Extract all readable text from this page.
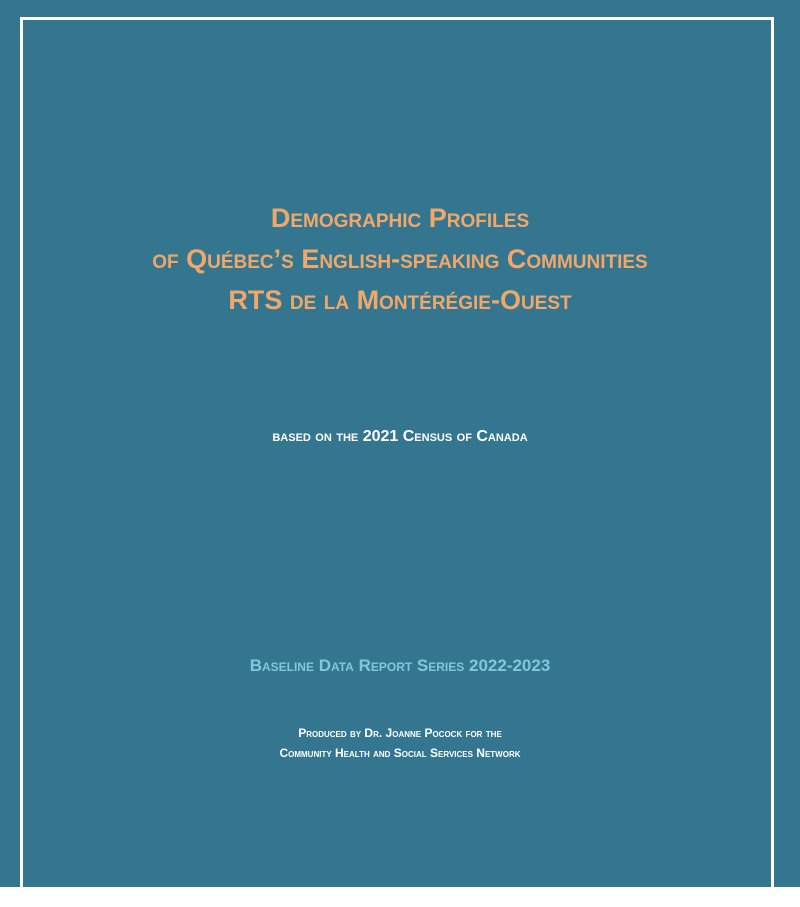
Demographic Profiles
of Québec’s English-speaking Communities
RTS de la Montérégie-Ouest
based on the 2021 Census of Canada
Baseline Data Report Series 2022-2023
Produced by Dr. Joanne Pocock for the
Community Health and Social Services Network
